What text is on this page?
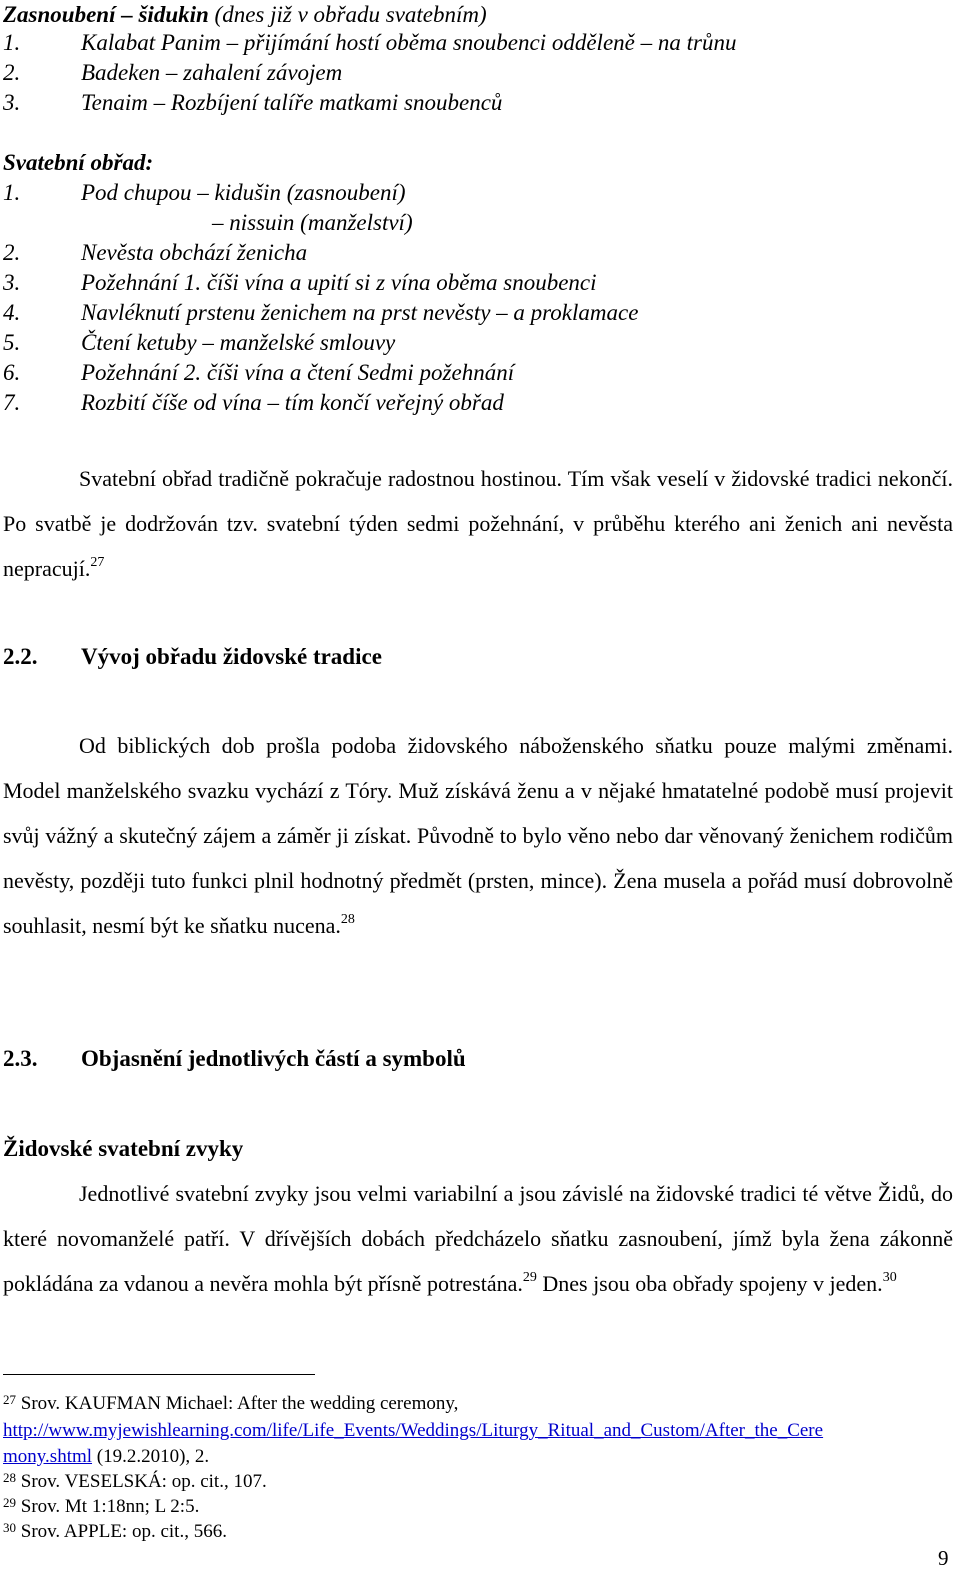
Zasnoubení – šidukin (dnes již v obřadu svatebním)
1.	Kalabat Panim – přijímání hostí oběma snoubenci odděleně – na trůnu
2.	Badeken – zahalení závojem
3.	Tenaim – Rozbíjení talíře matkami snoubenců
Svatební obřad:
1.	Pod chupou – kidušin (zasnoubení)
– nissuin (manželství)
2.	Nevěsta obchází ženicha
3.	Požehnání 1. číši vína a upití si z vína oběma snoubenci
4.	Navléknutí prstenu ženichem na prst nevěsty – a proklamace
5.	Čtení ketuby – manželské smlouvy
6.	Požehnání 2. číši vína a čtení Sedmi požehnání
7.	Rozbití číše od vína – tím končí veřejný obřad
Svatební obřad tradičně pokračuje radostnou hostinou. Tím však veselí v židovské tradici nekončí. Po svatbě je dodržován tzv. svatební týden sedmi požehnání, v průběhu kterého ani ženich ani nevěsta nepracují.$^{27}$
2.2. Vývoj obřadu židovské tradice
Od biblických dob prošla podoba židovského náboženského sňatku pouze malými změnami. Model manželského svazku vychází z Tóry. Muž získává ženu a v nějaké hmatatelné podobě musí projevit svůj vážný a skutečný zájem a záměr ji získat. Původně to bylo věno nebo dar věnovaný ženichem rodičům nevěsty, později tuto funkci plnil hodnotný předmět (prsten, mince). Žena musela a pořád musí dobrovolně souhlasit, nesmí být ke sňatku nucena.$^{28}$
2.3. Objasnění jednotlivých částí a symbolů
Židovské svatební zvyky
Jednotlivé svatební zvyky jsou velmi variabilní a jsou závislé na židovské tradici té větve Židů, do které novomanželé patří. V dřívějších dobách předcházelo sňatku zasnoubení, jímž byla žena zákonně pokládána za vdanou a nevěra mohla být přísně potrestána.$^{29}$ Dnes jsou oba obřady spojeny v jeden.$^{30}$
$^{27}$ Srov. KAUFMAN Michael: After the wedding ceremony,
http://www.myjewishlearning.com/life/Life_Events/Weddings/Liturgy_Ritual_and_Custom/After_the_Cere
mony.shtml (19.2.2010), 2.
$^{28}$ Srov. VESELSKÁ: op. cit., 107.
$^{29}$ Srov. Mt 1:18nn; L 2:5.
$^{30}$ Srov. APPLE: op. cit., 566.
9
